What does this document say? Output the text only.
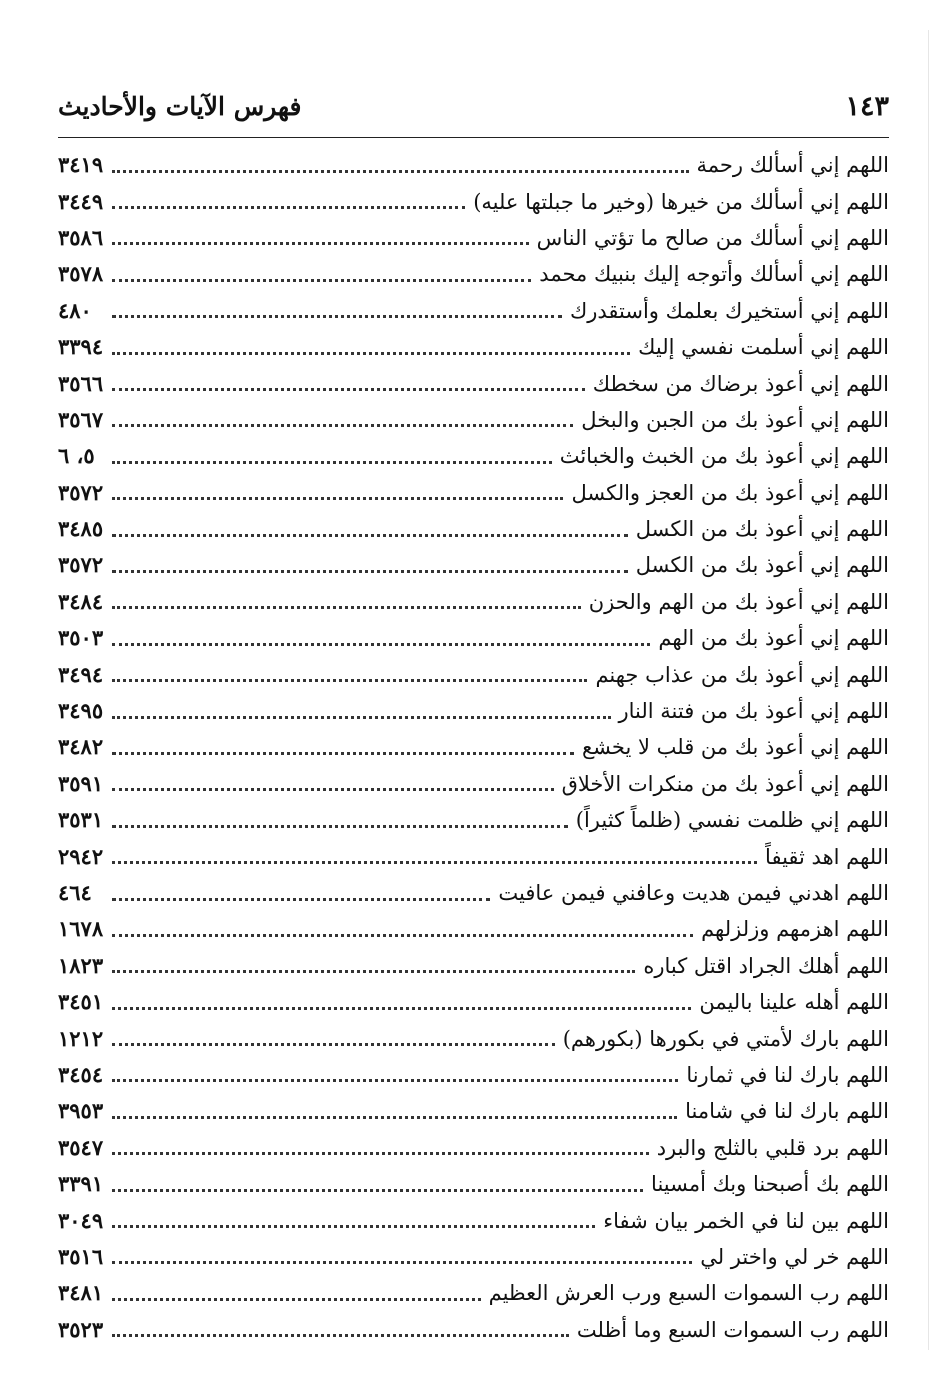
فهرس الآيات والأحاديث	١٤٣
اللهم إني أسألك رحمة
٣٤١٩
اللهم إني أسألك من خيرها (وخير ما جبلتها عليه)
٣٤٤٩
اللهم إني أسألك من صالح ما تؤتي الناس
٣٥٨٦
اللهم إني أسألك وأتوجه إليك بنبيك محمد
٣٥٧٨
اللهم إني أستخيرك بعلمك وأستقدرك
٤٨٠
اللهم إني أسلمت نفسي إليك
٣٣٩٤
اللهم إني أعوذ برضاك من سخطك
٣٥٦٦
اللهم إني أعوذ بك من الجبن والبخل
٣٥٦٧
اللهم إني أعوذ بك من الخبث والخبائث
٥، ٦
اللهم إني أعوذ بك من العجز والكسل
٣٥٧٢
اللهم إني أعوذ بك من الكسل
٣٤٨٥
اللهم إني أعوذ بك من الكسل
٣٥٧٢
اللهم إني أعوذ بك من الهم والحزن
٣٤٨٤
اللهم إني أعوذ بك من الهم
٣٥٠٣
اللهم إني أعوذ بك من عذاب جهنم
٣٤٩٤
اللهم إني أعوذ بك من فتنة النار
٣٤٩٥
اللهم إني أعوذ بك من قلب لا يخشع
٣٤٨٢
اللهم إني أعوذ بك من منكرات الأخلاق
٣٥٩١
اللهم إني ظلمت نفسي (ظلماً كثيراً)
٣٥٣١
اللهم اهد ثقيفاً
٢٩٤٢
اللهم اهدني فيمن هديت وعافني فيمن عافيت
٤٦٤
اللهم اهزمهم وزلزلهم
١٦٧٨
اللهم أهلك الجراد اقتل كباره
١٨٢٣
اللهم أهله علينا باليمن
٣٤٥١
اللهم بارك لأمتي في بكورها (بكورهم)
١٢١٢
اللهم بارك لنا في ثمارنا
٣٤٥٤
اللهم بارك لنا في شامنا
٣٩٥٣
اللهم برد قلبي بالثلج والبرد
٣٥٤٧
اللهم بك أصبحنا وبك أمسينا
٣٣٩١
اللهم بين لنا في الخمر بيان شفاء
٣٠٤٩
اللهم خر لي واختر لي
٣٥١٦
اللهم رب السموات السبع ورب العرش العظيم
٣٤٨١
اللهم رب السموات السبع وما أظلت
٣٥٢٣
